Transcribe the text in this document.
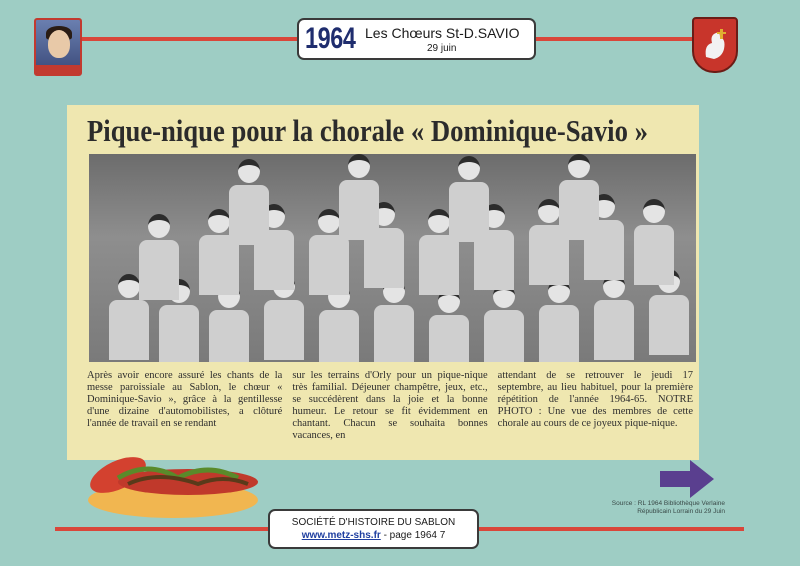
1964 Les Chœurs St-D.SAVIO
29 juin
Pique-nique pour la chorale « Dominique-Savio »
Après avoir encore assuré les chants de la messe paroissiale au Sablon, le chœur « Dominique-Savio », grâce à la gentillesse d'une dizaine d'automobilistes, a clôturé l'année de travail en se rendant
sur les terrains d'Orly pour un pique-nique très familial. Déjeuner champêtre, jeux, etc., se succédèrent dans la joie et la bonne humeur. Le retour se fit évidemment en chantant. Chacun se souhaita bonnes vacances, en
attendant de se retrouver le jeudi 17 septembre, au lieu habituel, pour la première répétition de l'année 1964-65. NOTRE PHOTO : Une vue des membres de cette chorale au cours de ce joyeux pique-nique.
Source : RL 1964 Bibliothèque Verlaine
Républicain Lorrain du 29 Juin
SOCIÉTÉ D'HISTOIRE DU SABLON
www.metz-shs.fr - page 1964 7
